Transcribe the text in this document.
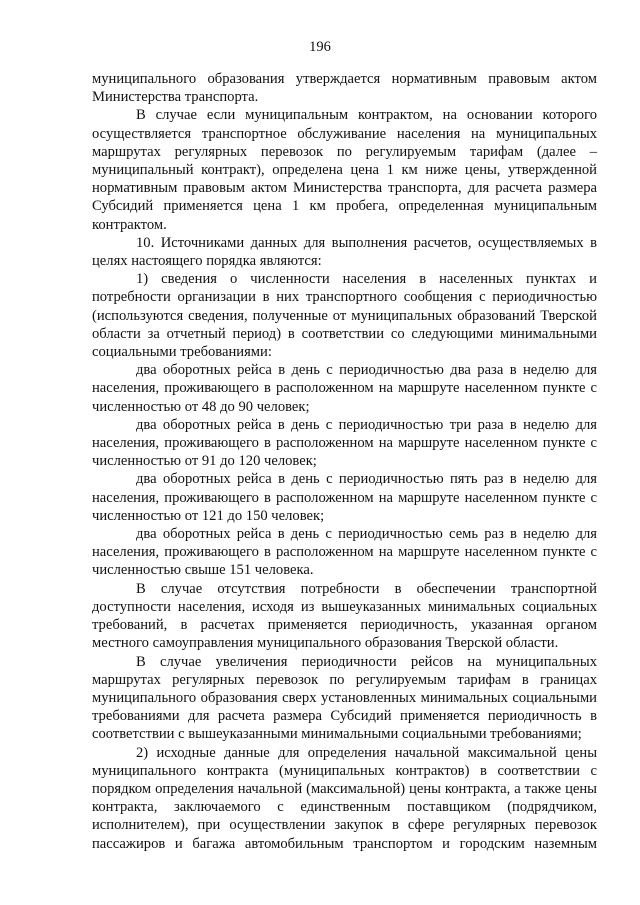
196

муниципального образования утверждается нормативным правовым актом Министерства транспорта.

В случае если муниципальным контрактом, на основании которого осуществляется транспортное обслуживание населения на муниципальных маршрутах регулярных перевозок по регулируемым тарифам (далее – муниципальный контракт), определена цена 1 км ниже цены, утвержденной нормативным правовым актом Министерства транспорта, для расчета размера Субсидий применяется цена 1 км пробега, определенная муниципальным контрактом.

10. Источниками данных для выполнения расчетов, осуществляемых в целях настоящего порядка являются:

1) сведения о численности населения в населенных пунктах и потребности организации в них транспортного сообщения с периодичностью (используются сведения, полученные от муниципальных образований Тверской области за отчетный период) в соответствии со следующими минимальными социальными требованиями:

два оборотных рейса в день с периодичностью два раза в неделю для населения, проживающего в расположенном на маршруте населенном пункте с численностью от 48 до 90 человек;

два оборотных рейса в день с периодичностью три раза в неделю для населения, проживающего в расположенном на маршруте населенном пункте с численностью от 91 до 120 человек;

два оборотных рейса в день с периодичностью пять раз в неделю для населения, проживающего в расположенном на маршруте населенном пункте с численностью от 121 до 150 человек;

два оборотных рейса в день с периодичностью семь раз в неделю для населения, проживающего в расположенном на маршруте населенном пункте с численностью свыше 151 человека.

В случае отсутствия потребности в обеспечении транспортной доступности населения, исходя из вышеуказанных минимальных социальных требований, в расчетах применяется периодичность, указанная органом местного самоуправления муниципального образования Тверской области.

В случае увеличения периодичности рейсов на муниципальных маршрутах регулярных перевозок по регулируемым тарифам в границах муниципального образования сверх установленных минимальных социальными требованиями для расчета размера Субсидий применяется периодичность в соответствии с вышеуказанными минимальными социальными требованиями;

2) исходные данные для определения начальной максимальной цены муниципального контракта (муниципальных контрактов) в соответствии с порядком определения начальной (максимальной) цены контракта, а также цены контракта, заключаемого с единственным поставщиком (подрядчиком, исполнителем), при осуществлении закупок в сфере регулярных перевозок пассажиров и багажа автомобильным транспортом и городским наземным
